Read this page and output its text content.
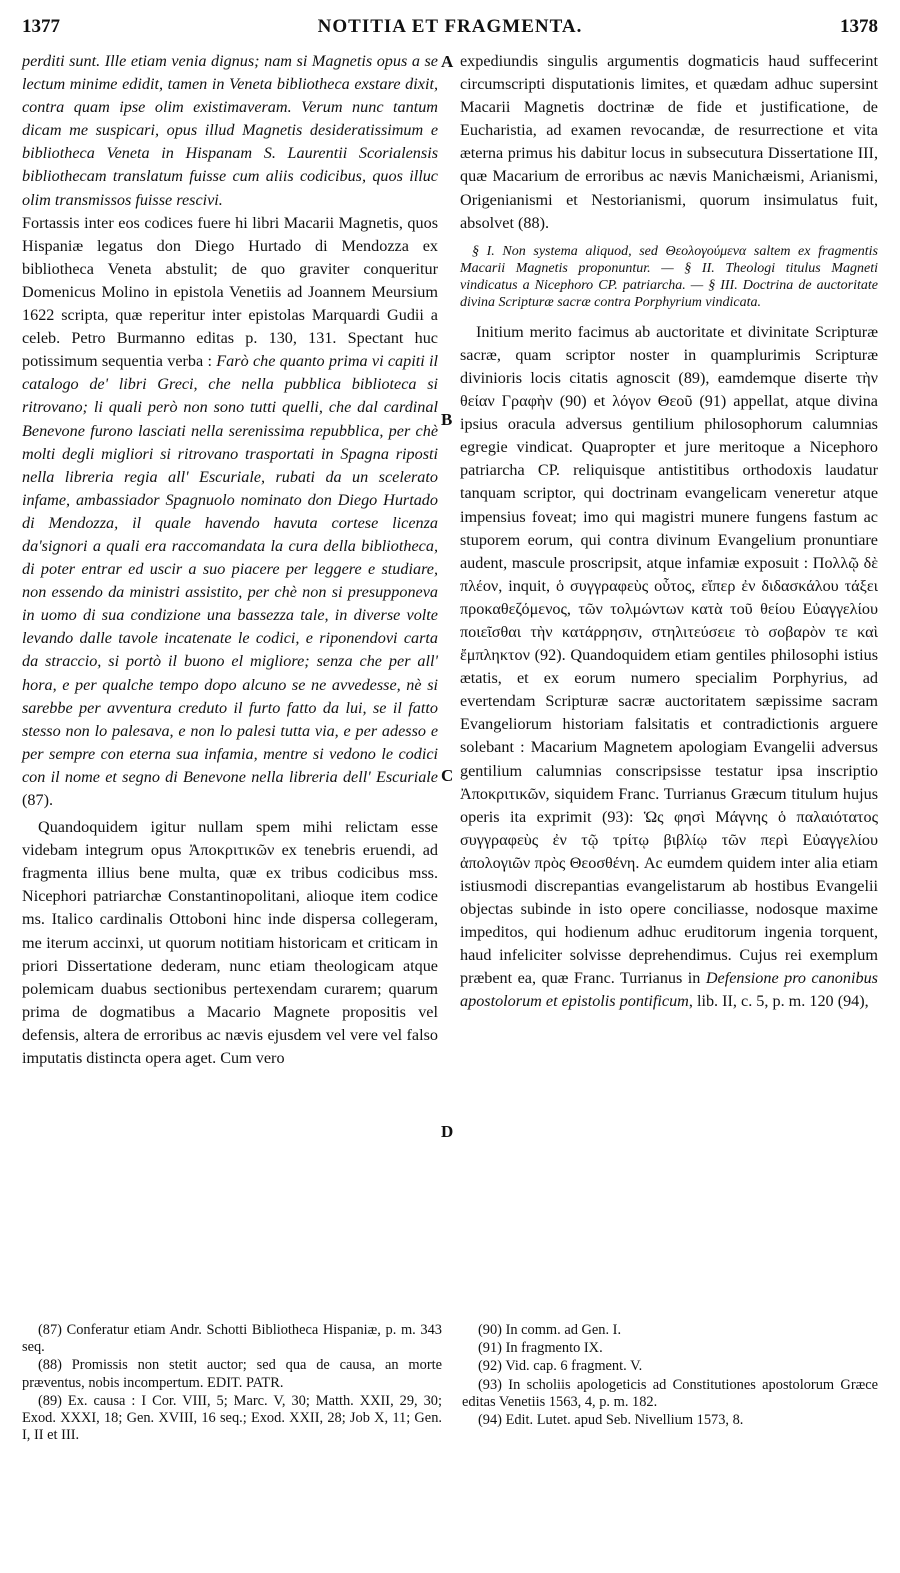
1377	NOTITIA ET FRAGMENTA.	1378

perditi sunt. Ille etiam venia dignus; nam si Magnetis opus a se lectum minime edidit, tamen in Veneta bibliotheca exstare dixit, contra quam ipse olim existimaveram. Verum nunc tantum dicam me suspicari, opus illud Magnetis desideratissimum e bibliotheca Veneta in Hispanam S. Laurentii Scorialensis bibliothecam translatum fuisse cum aliis codicibus, quos illuc olim transmissos fuisse rescivi.

Fortassis inter eos codices fuere hi libri Macarii Magnetis, quos Hispaniæ legatus don Diego Hurtado di Mendozza ex bibliotheca Veneta abstulit; de quo graviter conqueritur Domenicus Molino in epistola Venetiis ad Joannem Meursium 1622 scripta, quæ reperitur inter epistolas Marquardi Gudii a celeb. Petro Burmanno editas p. 130, 131. Spectant huc potissimum sequentia verba : Farò che quanto prima vi capiti il catalogo de' libri Greci, che nella pubblica biblioteca si ritrovano; li quali però non sono tutti quelli, che dal cardinal Benevone furono lasciati nella serenissima repubblica, per chè molti degli migliori si ritrovano trasportati in Spagna riposti nella libreria regia all' Escuriale, rubati da un scelerato infame, ambassiador Spagnuolo nominato don Diego Hurtado di Mendozza, il quale havendo havuta cortese licenza da'signori a quali era raccomandata la cura della bibliotheca, di poter entrar ed uscir a suo piacere per leggere e studiare, non essendo da ministri assistito, per chè non si presupponeva in uomo di sua condizione una bassezza tale, in diverse volte levando dalle tavole incatenate le codici, e riponendovi carta da straccio, si portò il buono el migliore; senza che per all' hora, e per qualche tempo dopo alcuno se ne avvedesse, nè si sarebbe per avventura creduto il furto fatto da lui, se il fatto stesso non lo palesava, e non lo palesi tutta via, e per adesso e per sempre con eterna sua infamia, mentre si vedono le codici con il nome et segno di Benevone nella libreria dell' Escuriale (87).

Quandoquidem igitur nullam spem mihi relictam esse videbam integrum opus Ἀποκριτικῶν ex tenebris eruendi, ad fragmenta illius bene multa, quæ ex tribus codicibus mss. Nicephori patriarchæ Constantinopolitani, alioque item codice ms. Italico cardinalis Ottoboni hinc inde dispersa collegeram, me iterum accinxi, ut quorum notitiam historicam et criticam in priori Dissertatione dederam, nunc etiam theologicam atque polemicam duabus sectionibus pertexendam curarem; quarum prima de dogmatibus a Macario Magnete propositis vel defensis, altera de erroribus ac nævis ejusdem vel vere vel falso imputatis distincta opera aget. Cum vero

expediundis singulis argumentis dogmaticis haud suffecerint circumscripti disputationis limites, et quædam adhuc supersint Macarii Magnetis doctrinæ de fide et justificatione, de Eucharistia, ad examen revocandæ, de resurrectione et vita æterna primus his dabitur locus in subsecutura Dissertatione III, quæ Macarium de erroribus ac nævis Manichæismi, Arianismi, Origenianismi et Nestorianismi, quorum insimulatus fuit, absolvet (88).

§ I. Non systema aliquod, sed Θεολογούμενα saltem ex fragmentis Macarii Magnetis proponuntur. — § II. Theologi titulus Magneti vindicatus a Nicephoro CP. patriarcha. — § III. Doctrina de auctoritate divina Scripturæ sacræ contra Porphyrium vindicata.

Initium merito facimus ab auctoritate et divinitate Scripturæ sacræ, quam scriptor noster in quamplurimis Scripturæ divinioris locis citatis agnoscit (89), eamdemque diserte τὴν θείαν Γραφὴν (90) et λόγον Θεοῦ (91) appellat, atque divina ipsius oracula adversus gentilium philosophorum calumnias egregie vindicat. Quapropter et jure meritoque a Nicephoro patriarcha CP. reliquisque antistitibus orthodoxis laudatur tanquam scriptor, qui doctrinam evangelicam veneretur atque impensius foveat; imo qui magistri munere fungens fastum ac stuporem eorum, qui contra divinum Evangelium pronuntiare audent, mascule proscripsit, atque infamiæ exposuit : Πολλῷ δὲ πλέον, inquit, ὁ συγγραφεὺς οὗτος, εἴπερ ἐν διδασκάλου τάξει προκαθεζόμενος, τῶν τολμώντων κατὰ τοῦ θείου Εὐαγγελίου ποιεῖσθαι τὴν κατάρρησιν, στηλιτεύσειε τὸ σοβαρὸν τε καὶ ἔμπληκτον (92). Quandoquidem etiam gentiles philosophi istius ætatis, et ex eorum numero specialim Porphyrius, ad evertendam Scripturæ sacræ auctoritatem sæpissime sacram Evangeliorum historiam falsitatis et contradictionis arguere solebant : Macarium Magnetem apologiam Evangelii adversus gentilium calumnias conscripsisse testatur ipsa inscriptio Ἀποκριτικῶν, siquidem Franc. Turrianus Græcum titulum hujus operis ita exprimit (93): Ὡς φησὶ Μάγνης ὁ παλαιότατος συγγραφεὺς ἐν τῷ τρίτῳ βιβλίῳ τῶν περὶ Εὐαγγελίου ἀπολογιῶν πρὸς Θεοσθένη. Ac eumdem quidem inter alia etiam istiusmodi discrepantias evangelistarum ab hostibus Evangelii objectas subinde in isto opere conciliasse, nodosque maxime impeditos, qui hodienum adhuc eruditorum ingenia torquent, haud infeliciter solvisse deprehendimus. Cujus rei exemplum præbent ea, quæ Franc. Turrianus in Defensione pro canonibus apostolorum et epistolis pontificum, lib. II, c. 5, p. m. 120 (94),

A
B
C
D

(87) Conferatur etiam Andr. Schotti Bibliotheca Hispaniæ, p. m. 343 seq.

(88) Promissis non stetit auctor; sed qua de causa, an morte præventus, nobis incompertum. EDIT. PATR.

(89) Ex. causa : I Cor. VIII, 5; Marc. V, 30; Matth. XXII, 29, 30; Exod. XXXI, 18; Gen. XVIII, 16 seq.; Exod. XXII, 28; Job X, 11; Gen. I, II et III.

(90) In comm. ad Gen. I.

(91) In fragmento IX.

(92) Vid. cap. 6 fragment. V.

(93) In scholiis apologeticis ad Constitutiones apostolorum Græce editas Venetiis 1563, 4, p. m. 182.

(94) Edit. Lutet. apud Seb. Nivellium 1573, 8.
